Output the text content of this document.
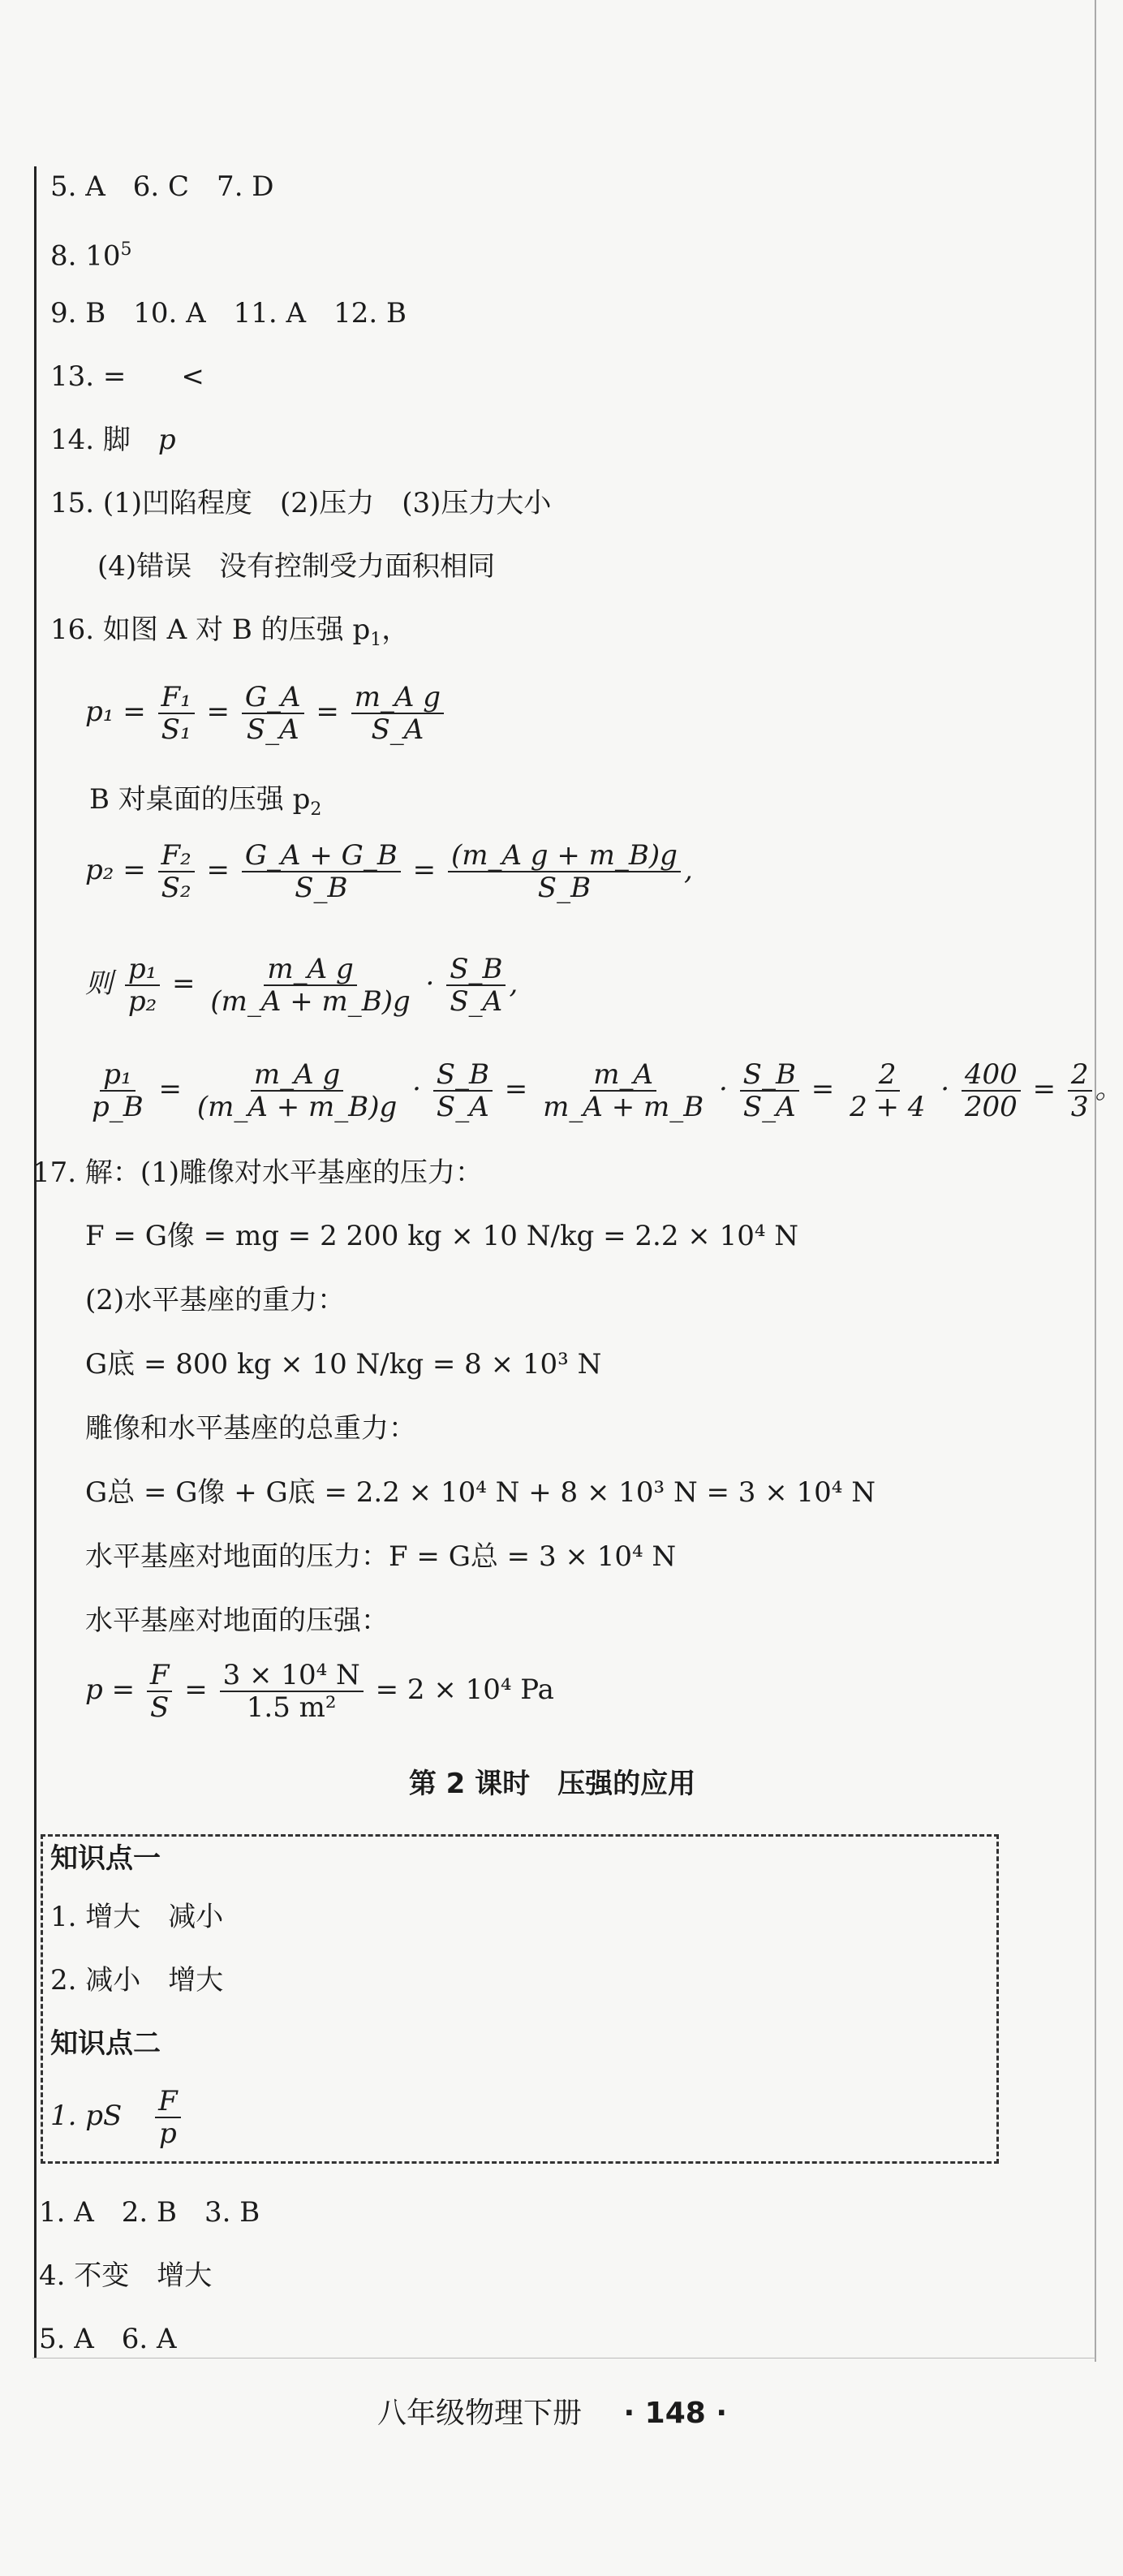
5. A　6. C　7. D
8. $10^5$
9. B　10. A　11. A　12. B
13. =　　<
14. 脚　p
15. (1)凹陷程度　(2)压力　(3)压力大小
(4)错误　没有控制受力面积相同
16. 如图 A 对 B 的压强 $p_1$，
$p_1 = \frac{\text{F₁}}{\text{S₁}} = \frac{G\_A}{S\_A} = \frac{\text{m\_A g}}{S\_A}$
B 对桌面的压强 $p_2$
$p_2 = \frac{\text{F₂}}{\text{S₂}} = \frac{G\_A + G\_B}{S\_B} = \frac{\text{(m\_A g + m\_B)g}}{S\_B}$ ,
则 $\frac{\text{p₁}}{\text{p₂}} = \frac{\text{m\_A g}}{(m\_A + m\_B)g} \cdot \frac{S\_B}{S\_A}$ ,
$\frac{\text{p₁}}{p\_B} = \frac{\text{m\_A g}}{(m\_A + m\_B)g} \cdot \frac{S\_B}{S\_A} = \frac{m\_A}{m\_A + m\_B} \cdot \frac{S\_B}{S\_A} = \frac{2}{2 + 4} \cdot \frac{400}{200} = \frac{2}{3}$ 。
17. 解：(1)雕像对水平基座的压力：
F = G像 = mg = 2 200 kg × 10 N/kg = 2.2 × 10⁴ N
(2)水平基座的重力：
G底 = 800 kg × 10 N/kg = 8 × 10³ N
雕像和水平基座的总重力：
G总 = G像 + G底 = 2.2 × 10⁴ N + 8 × 10³ N = 3 × 10⁴ N
水平基座对地面的压力：F = G总 = 3 × 10⁴ N
水平基座对地面的压强：
$p = \frac{F}{S} = \frac{\text{3 × 10⁴ N}}{\text{1.5 m²}} = 2 \times 10^4$ Pa
第 2 课时　压强的应用
知识点一
1. 增大　减小
2. 减小　增大
知识点二
1. pS $\frac{F}{p}$
1. A　2. B　3. B
4. 不变　增大
5. A　6. A
八年级物理下册 · 148 ·
